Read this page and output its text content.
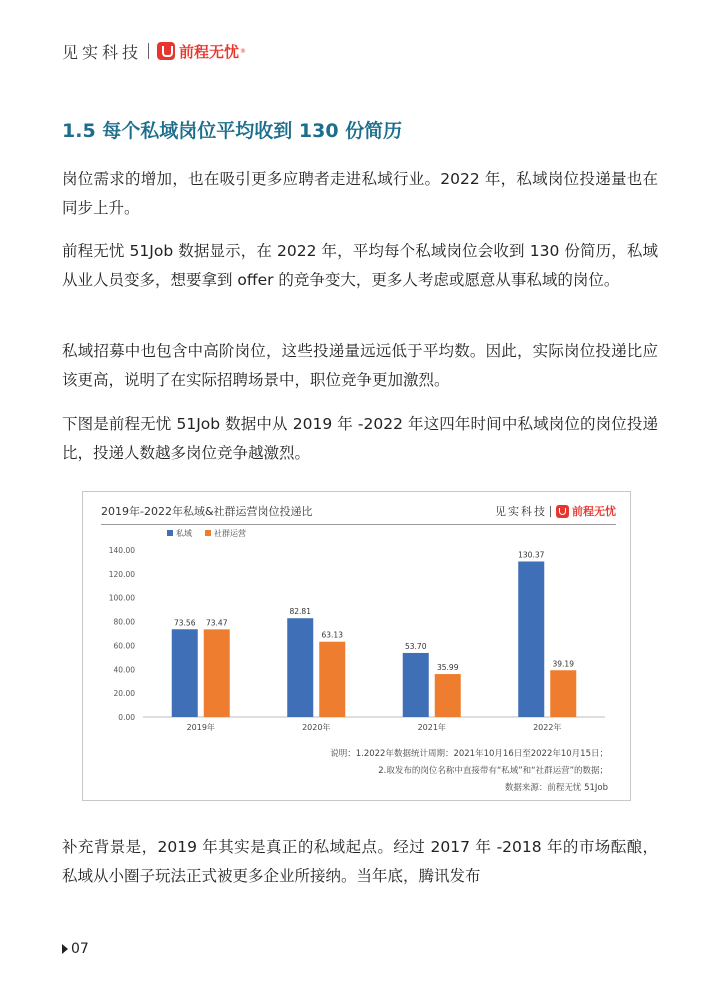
见实科技 前程无忧 ®
1.5 每个私域岗位平均收到 130 份简历

岗位需求的增加，也在吸引更多应聘者走进私域行业。2022 年，私域岗位投递量也在同步上升。

前程无忧 51Job 数据显示，在 2022 年，平均每个私域岗位会收到 130 份简历，私域从业人员变多，想要拿到 offer 的竞争变大，更多人考虑或愿意从事私域的岗位。

私域招募中也包含中高阶岗位，这些投递量远远低于平均数。因此，实际岗位投递比应该更高，说明了在实际招聘场景中，职位竞争更加激烈。

下图是前程无忧 51Job 数据中从 2019 年 -2022 年这四年时间中私域岗位的岗位投递比，投递人数越多岗位竞争越激烈。

2019年-2022年私域&社群运营岗位投递比	见实科技 前程无忧
私域	社群运营
0.00
20.00
40.00
60.00
80.00
100.00
120.00
140.00
73.56 73.47
2019年
82.81
63.13
2020年
53.70
35.99
2021年
130.37
39.19
2022年
说明：1.2022年数据统计周期：2021年10月16日至2022年10月15日；
2.取发布的岗位名称中直接带有“私域”和“社群运营”的数据；
数据来源：前程无忧 51Job

补充背景是，2019 年其实是真正的私域起点。经过 2017 年 -2018 年的市场酝酿，私域从小圈子玩法正式被更多企业所接纳。当年底，腾讯发布

07
